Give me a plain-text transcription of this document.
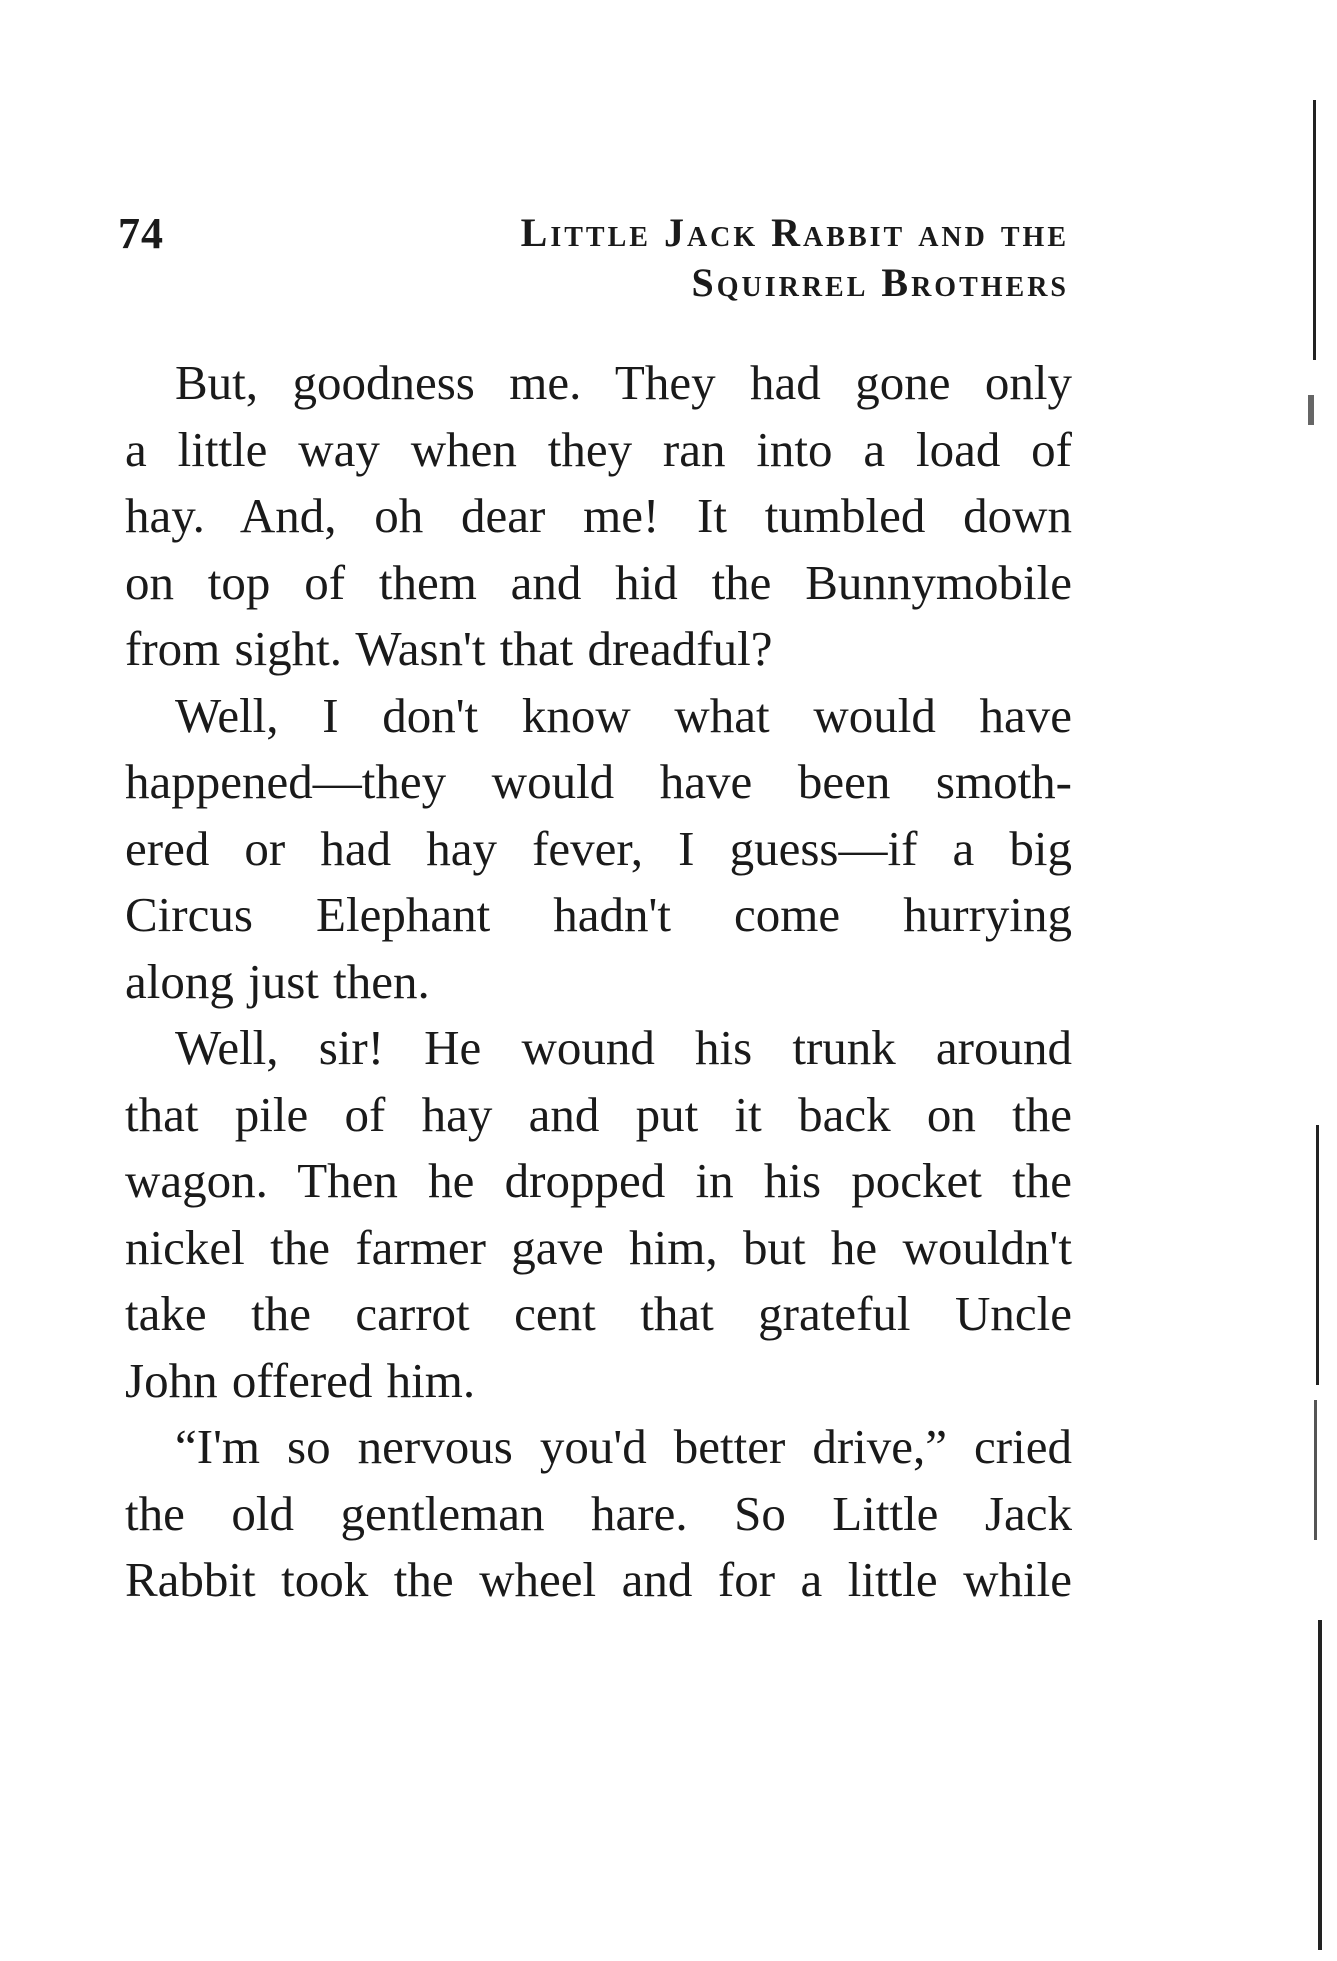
74	Little Jack Rabbit and the
Squirrel Brothers

But, goodness me. They had gone only
a little way when they ran into a load of
hay. And, oh dear me! It tumbled down
on top of them and hid the Bunnymobile
from sight. Wasn't that dreadful?

Well, I don't know what would have
happened—they would have been smoth-
ered or had hay fever, I guess—if a big
Circus Elephant hadn't come hurrying
along just then.

Well, sir! He wound his trunk around
that pile of hay and put it back on the
wagon. Then he dropped in his pocket the
nickel the farmer gave him, but he wouldn't
take the carrot cent that grateful Uncle
John offered him.

“I'm so nervous you'd better drive,” cried
the old gentleman hare. So Little Jack
Rabbit took the wheel and for a little while
